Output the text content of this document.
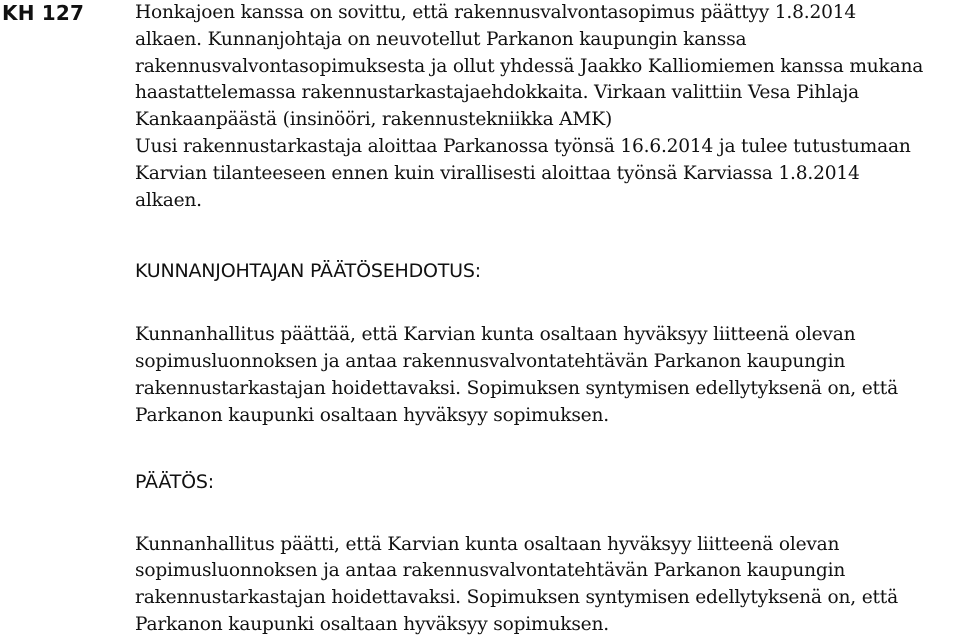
KH 127	Honkajoen kanssa on sovittu, että rakennusvalvontasopimus päättyy 1.8.2014
alkaen. Kunnanjohtaja on neuvotellut Parkanon kaupungin kanssa
rakennusvalvontasopimuksesta ja ollut yhdessä Jaakko Kalliomiemen kanssa mukana
haastattelemassa rakennustarkastajaehdokkaita. Virkaan valittiin Vesa Pihlaja
Kankaanpäästä (insinööri, rakennustekniikka AMK)
Uusi rakennustarkastaja aloittaa Parkanossa työnsä 16.6.2014 ja tulee tutustumaan
Karvian tilanteeseen ennen kuin virallisesti aloittaa työnsä Karviassa 1.8.2014
alkaen.
KUNNANJOHTAJAN PÄÄTÖSEHDOTUS:
Kunnanhallitus päättää, että Karvian kunta osaltaan hyväksyy liitteenä olevan
sopimusluonnoksen ja antaa rakennusvalvontatehtävän Parkanon kaupungin
rakennustarkastajan hoidettavaksi. Sopimuksen syntymisen edellytyksenä on, että
Parkanon kaupunki osaltaan hyväksyy sopimuksen.
PÄÄTÖS:
Kunnanhallitus päätti, että Karvian kunta osaltaan hyväksyy liitteenä olevan
sopimusluonnoksen ja antaa rakennusvalvontatehtävän Parkanon kaupungin
rakennustarkastajan hoidettavaksi. Sopimuksen syntymisen edellytyksenä on, että
Parkanon kaupunki osaltaan hyväksyy sopimuksen.
